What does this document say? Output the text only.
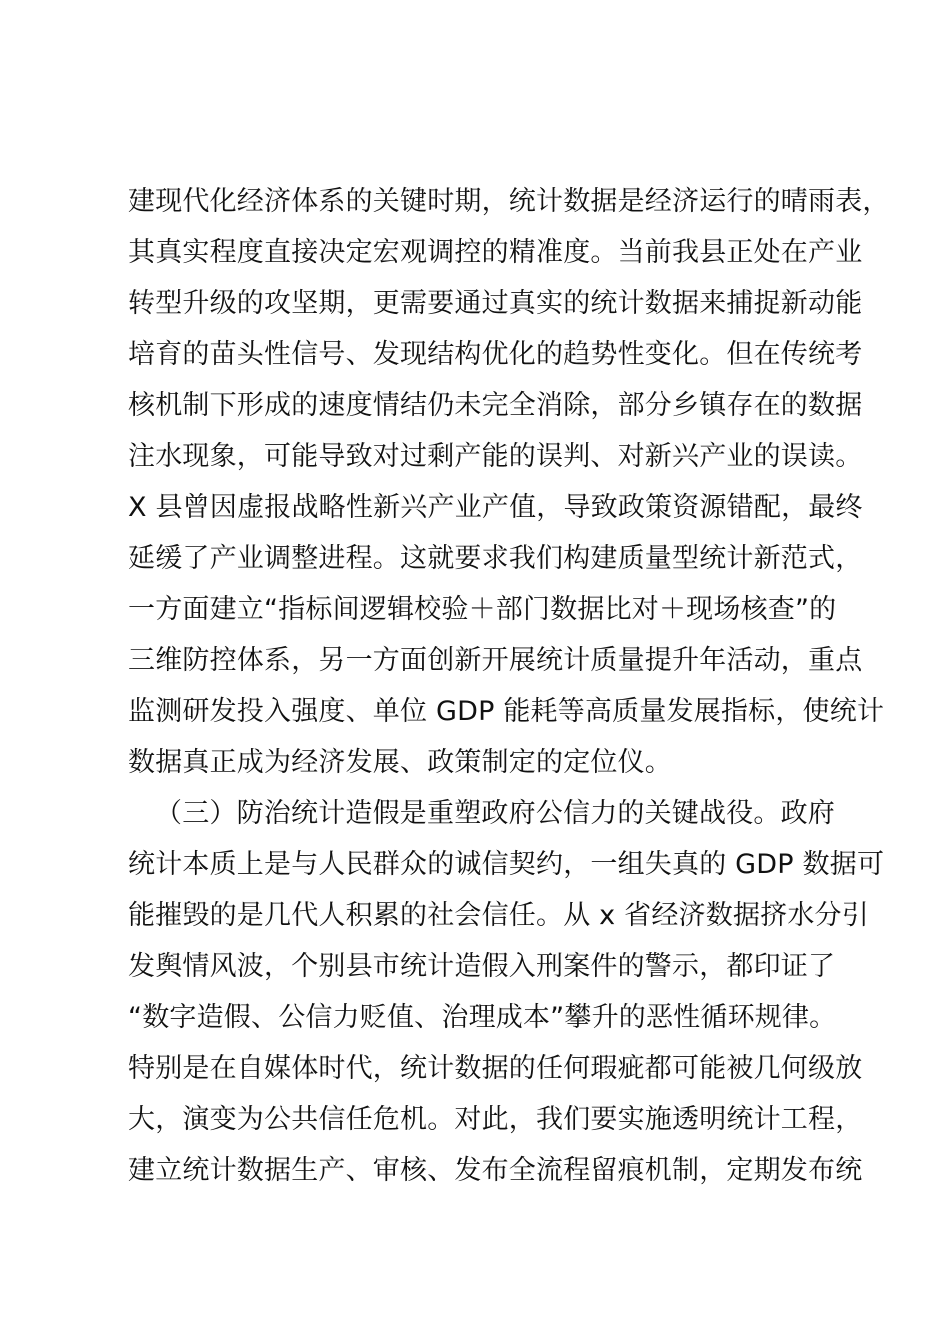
建现代化经济体系的关键时期，统计数据是经济运行的晴雨表，
其真实程度直接决定宏观调控的精准度。当前我县正处在产业
转型升级的攻坚期，更需要通过真实的统计数据来捕捉新动能
培育的苗头性信号、发现结构优化的趋势性变化。但在传统考
核机制下形成的速度情结仍未完全消除，部分乡镇存在的数据
注水现象，可能导致对过剩产能的误判、对新兴产业的误读。
X 县曾因虚报战略性新兴产业产值，导致政策资源错配，最终
延缓了产业调整进程。这就要求我们构建质量型统计新范式，
一方面建立“指标间逻辑校验＋部门数据比对＋现场核查”的
三维防控体系，另一方面创新开展统计质量提升年活动，重点
监测研发投入强度、单位 GDP 能耗等高质量发展指标，使统计
数据真正成为经济发展、政策制定的定位仪。
（三）防治统计造假是重塑政府公信力的关键战役。政府
统计本质上是与人民群众的诚信契约，一组失真的 GDP 数据可
能摧毁的是几代人积累的社会信任。从 x 省经济数据挤水分引
发舆情风波，个别县市统计造假入刑案件的警示，都印证了
“数字造假、公信力贬值、治理成本”攀升的恶性循环规律。
特别是在自媒体时代，统计数据的任何瑕疵都可能被几何级放
大，演变为公共信任危机。对此，我们要实施透明统计工程，
建立统计数据生产、审核、发布全流程留痕机制，定期发布统
